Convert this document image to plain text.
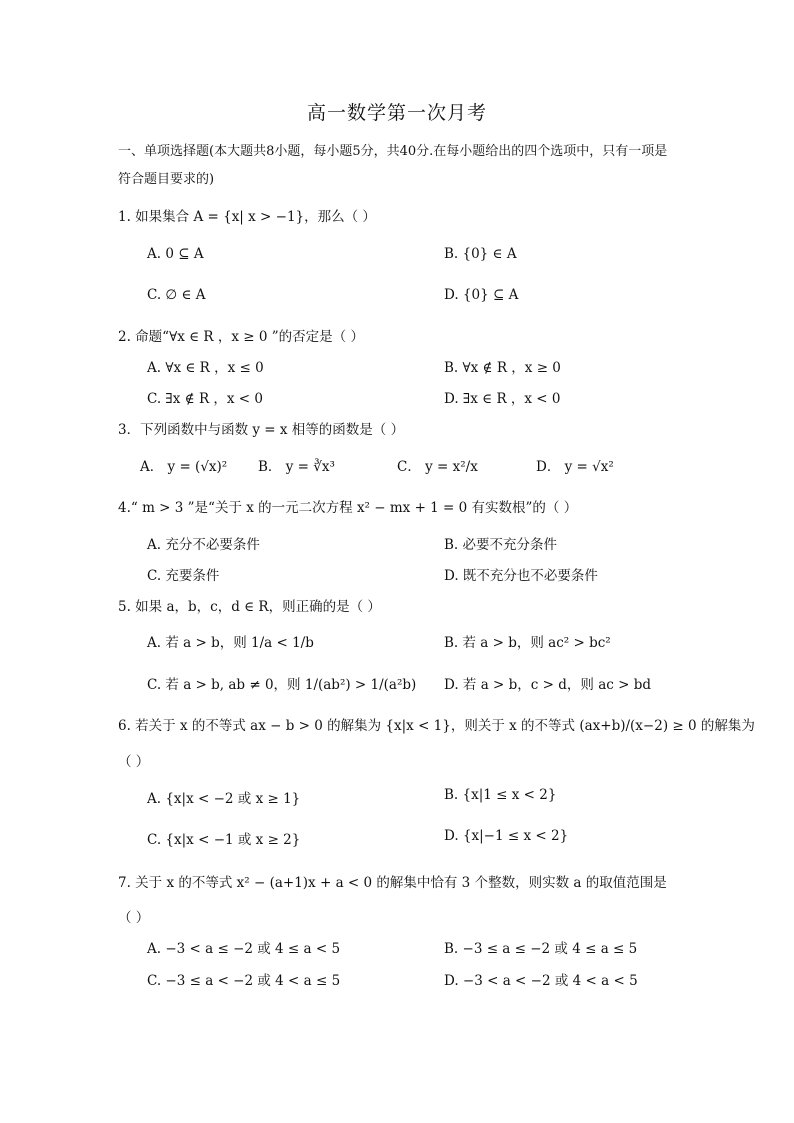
高一数学第一次月考
一、单项选择题(本大题共8小题，每小题5分，共40分.在每小题给出的四个选项中，只有一项是符合题目要求的)
1. 如果集合 A = {x| x > −1}，那么（ ）
A. 0 ⊆ A	B. {0} ∈ A
C. ∅ ∈ A	D. {0} ⊆ A
2. 命题“∀x ∈ R ，x ≥ 0 ”的否定是（ ）
A. ∀x ∈ R ，x ≤ 0	B. ∀x ∉ R ，x ≥ 0
C. ∃x ∉ R ，x < 0	D. ∃x ∈ R ，x < 0
3．下列函数中与函数 y = x 相等的函数是（ ）
A． y = (√x)² B． y = ∛x³	C． y = x²/x	D． y = √x²
4.“ m > 3 ”是“关于 x 的一元二次方程 x² − mx + 1 = 0 有实数根”的（ ）
A. 充分不必要条件	B. 必要不充分条件
C. 充要条件	D. 既不充分也不必要条件
5. 如果 a，b，c，d ∈ R，则正确的是（ ）
A. 若 a > b，则 1/a < 1/b	B. 若 a > b，则 ac² > bc²
C. 若 a > b, ab ≠ 0，则 1/(ab²) > 1/(a²b) D. 若 a > b，c > d，则 ac > bd
6. 若关于 x 的不等式 ax − b > 0 的解集为 {x|x < 1}，则关于 x 的不等式 (ax+b)/(x−2) ≥ 0 的解集为
（ ）
A. {x|x < −2 或 x ≥ 1}	B. {x|1 ≤ x < 2}
C. {x|x < −1 或 x ≥ 2}	D. {x|−1 ≤ x < 2}
7. 关于 x 的不等式 x² − (a+1)x + a < 0 的解集中恰有 3 个整数，则实数 a 的取值范围是
（ ）
A. −3 < a ≤ −2 或 4 ≤ a < 5	B. −3 ≤ a ≤ −2 或 4 ≤ a ≤ 5
C. −3 ≤ a < −2 或 4 < a ≤ 5	D. −3 < a < −2 或 4 < a < 5
